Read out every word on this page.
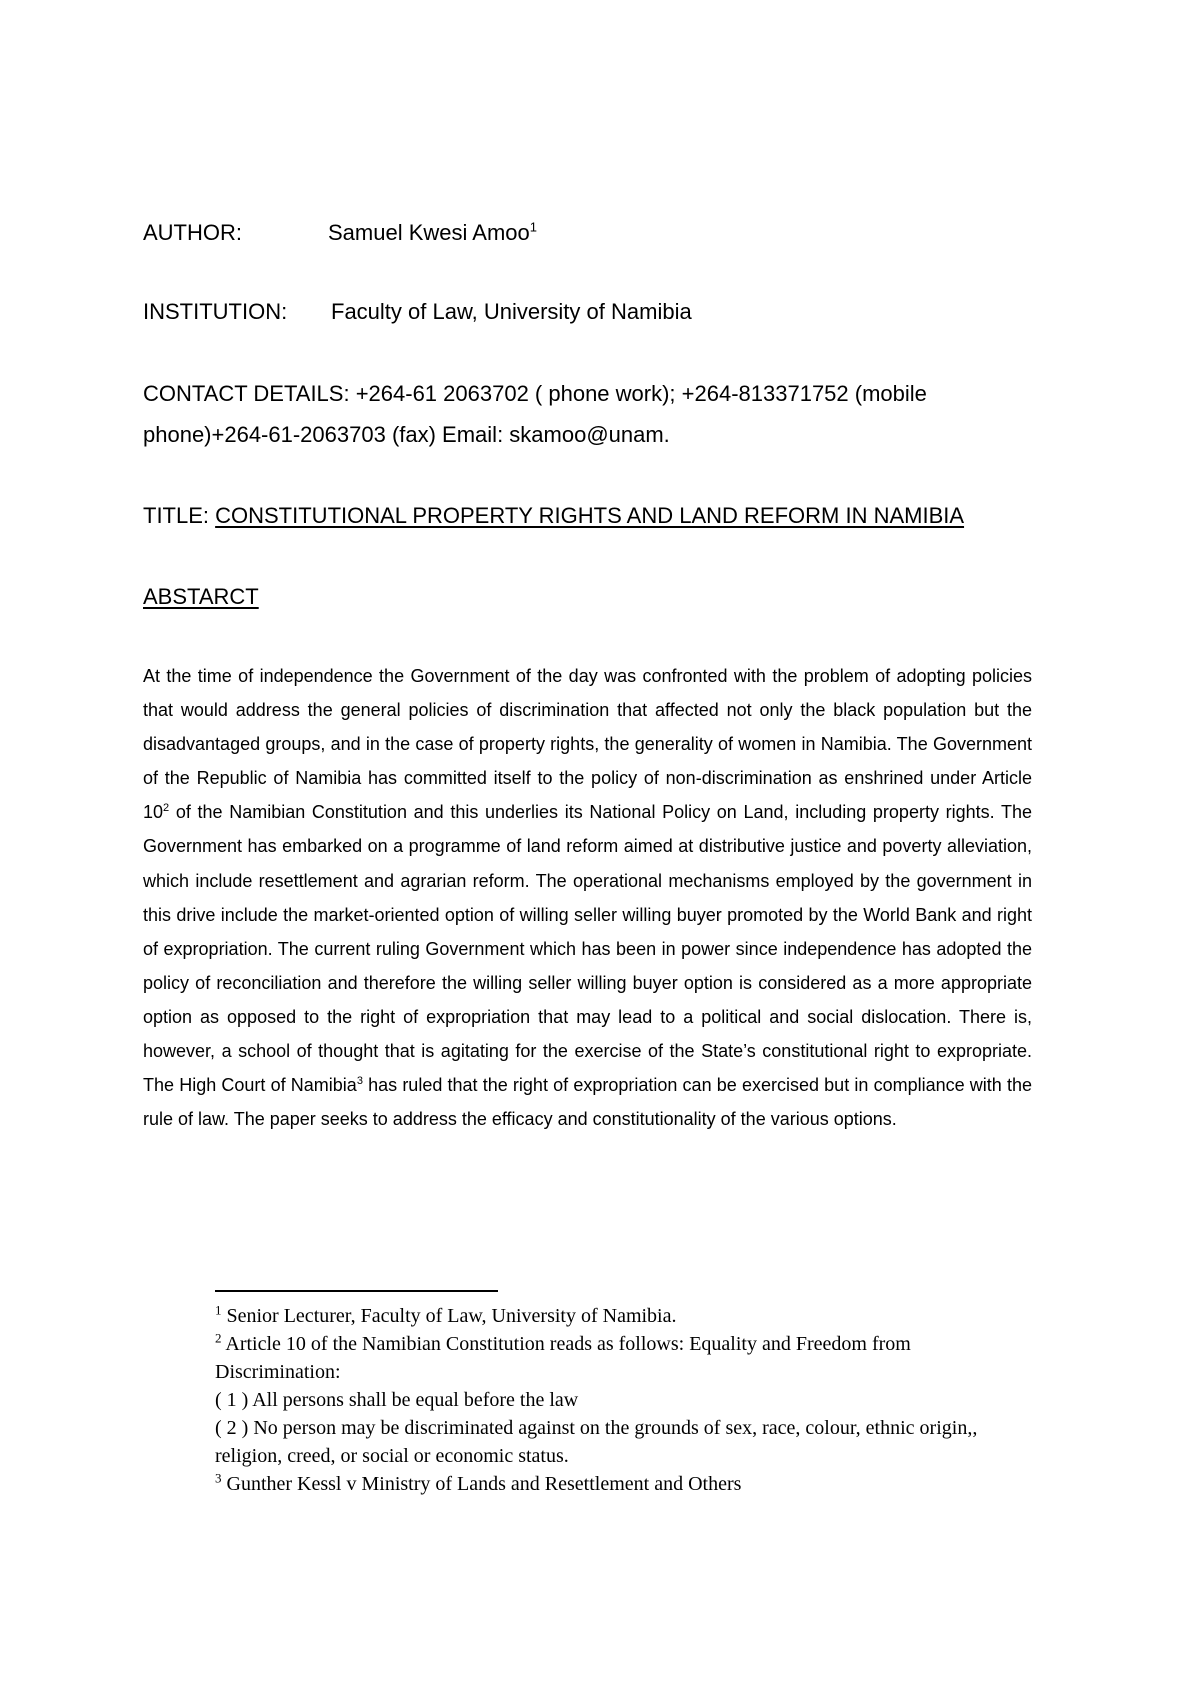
AUTHOR:	Samuel Kwesi Amoo$^1$
INSTITUTION: Faculty of Law, University of Namibia
CONTACT DETAILS: +264-61 2063702 ( phone work); +264-813371752 (mobile
phone)+264-61-2063703 (fax) Email: skamoo@unam.
TITLE: CONSTITUTIONAL PROPERTY RIGHTS AND LAND REFORM IN NAMIBIA
ABSTARCT
At the time of independence the Government of the day was confronted with the problem of adopting policies that would address the general policies of discrimination that affected not only the black population but the disadvantaged groups, and in the case of property rights, the generality of women in Namibia. The Government of the Republic of Namibia has committed itself to the policy of non-discrimination as enshrined under Article $10^2$ of the Namibian Constitution and this underlies its National Policy on Land, including property rights. The Government has embarked on a programme of land reform aimed at distributive justice and poverty alleviation, which include resettlement and agrarian reform. The operational mechanisms employed by the government in this drive include the market-oriented option of willing seller willing buyer promoted by the World Bank and right of expropriation. The current ruling Government which has been in power since independence has adopted the policy of reconciliation and therefore the willing seller willing buyer option is considered as a more appropriate option as opposed to the right of expropriation that may lead to a political and social dislocation. There is, however, a school of thought that is agitating for the exercise of the State’s constitutional right to expropriate. The High Court of Namibia$^3$ has ruled that the right of expropriation can be exercised but in compliance with the rule of law. The paper seeks to address the efficacy and constitutionality of the various options.

$^1$ Senior Lecturer, Faculty of Law, University of Namibia.

$^2$ Article 10 of the Namibian Constitution reads as follows: Equality and Freedom from Discrimination:

( 1 ) All persons shall be equal before the law

( 2 ) No person may be discriminated against on the grounds of sex, race, colour, ethnic origin,, religion, creed, or social or economic status.

$^3$ Gunther Kessl v Ministry of Lands and Resettlement and Others
